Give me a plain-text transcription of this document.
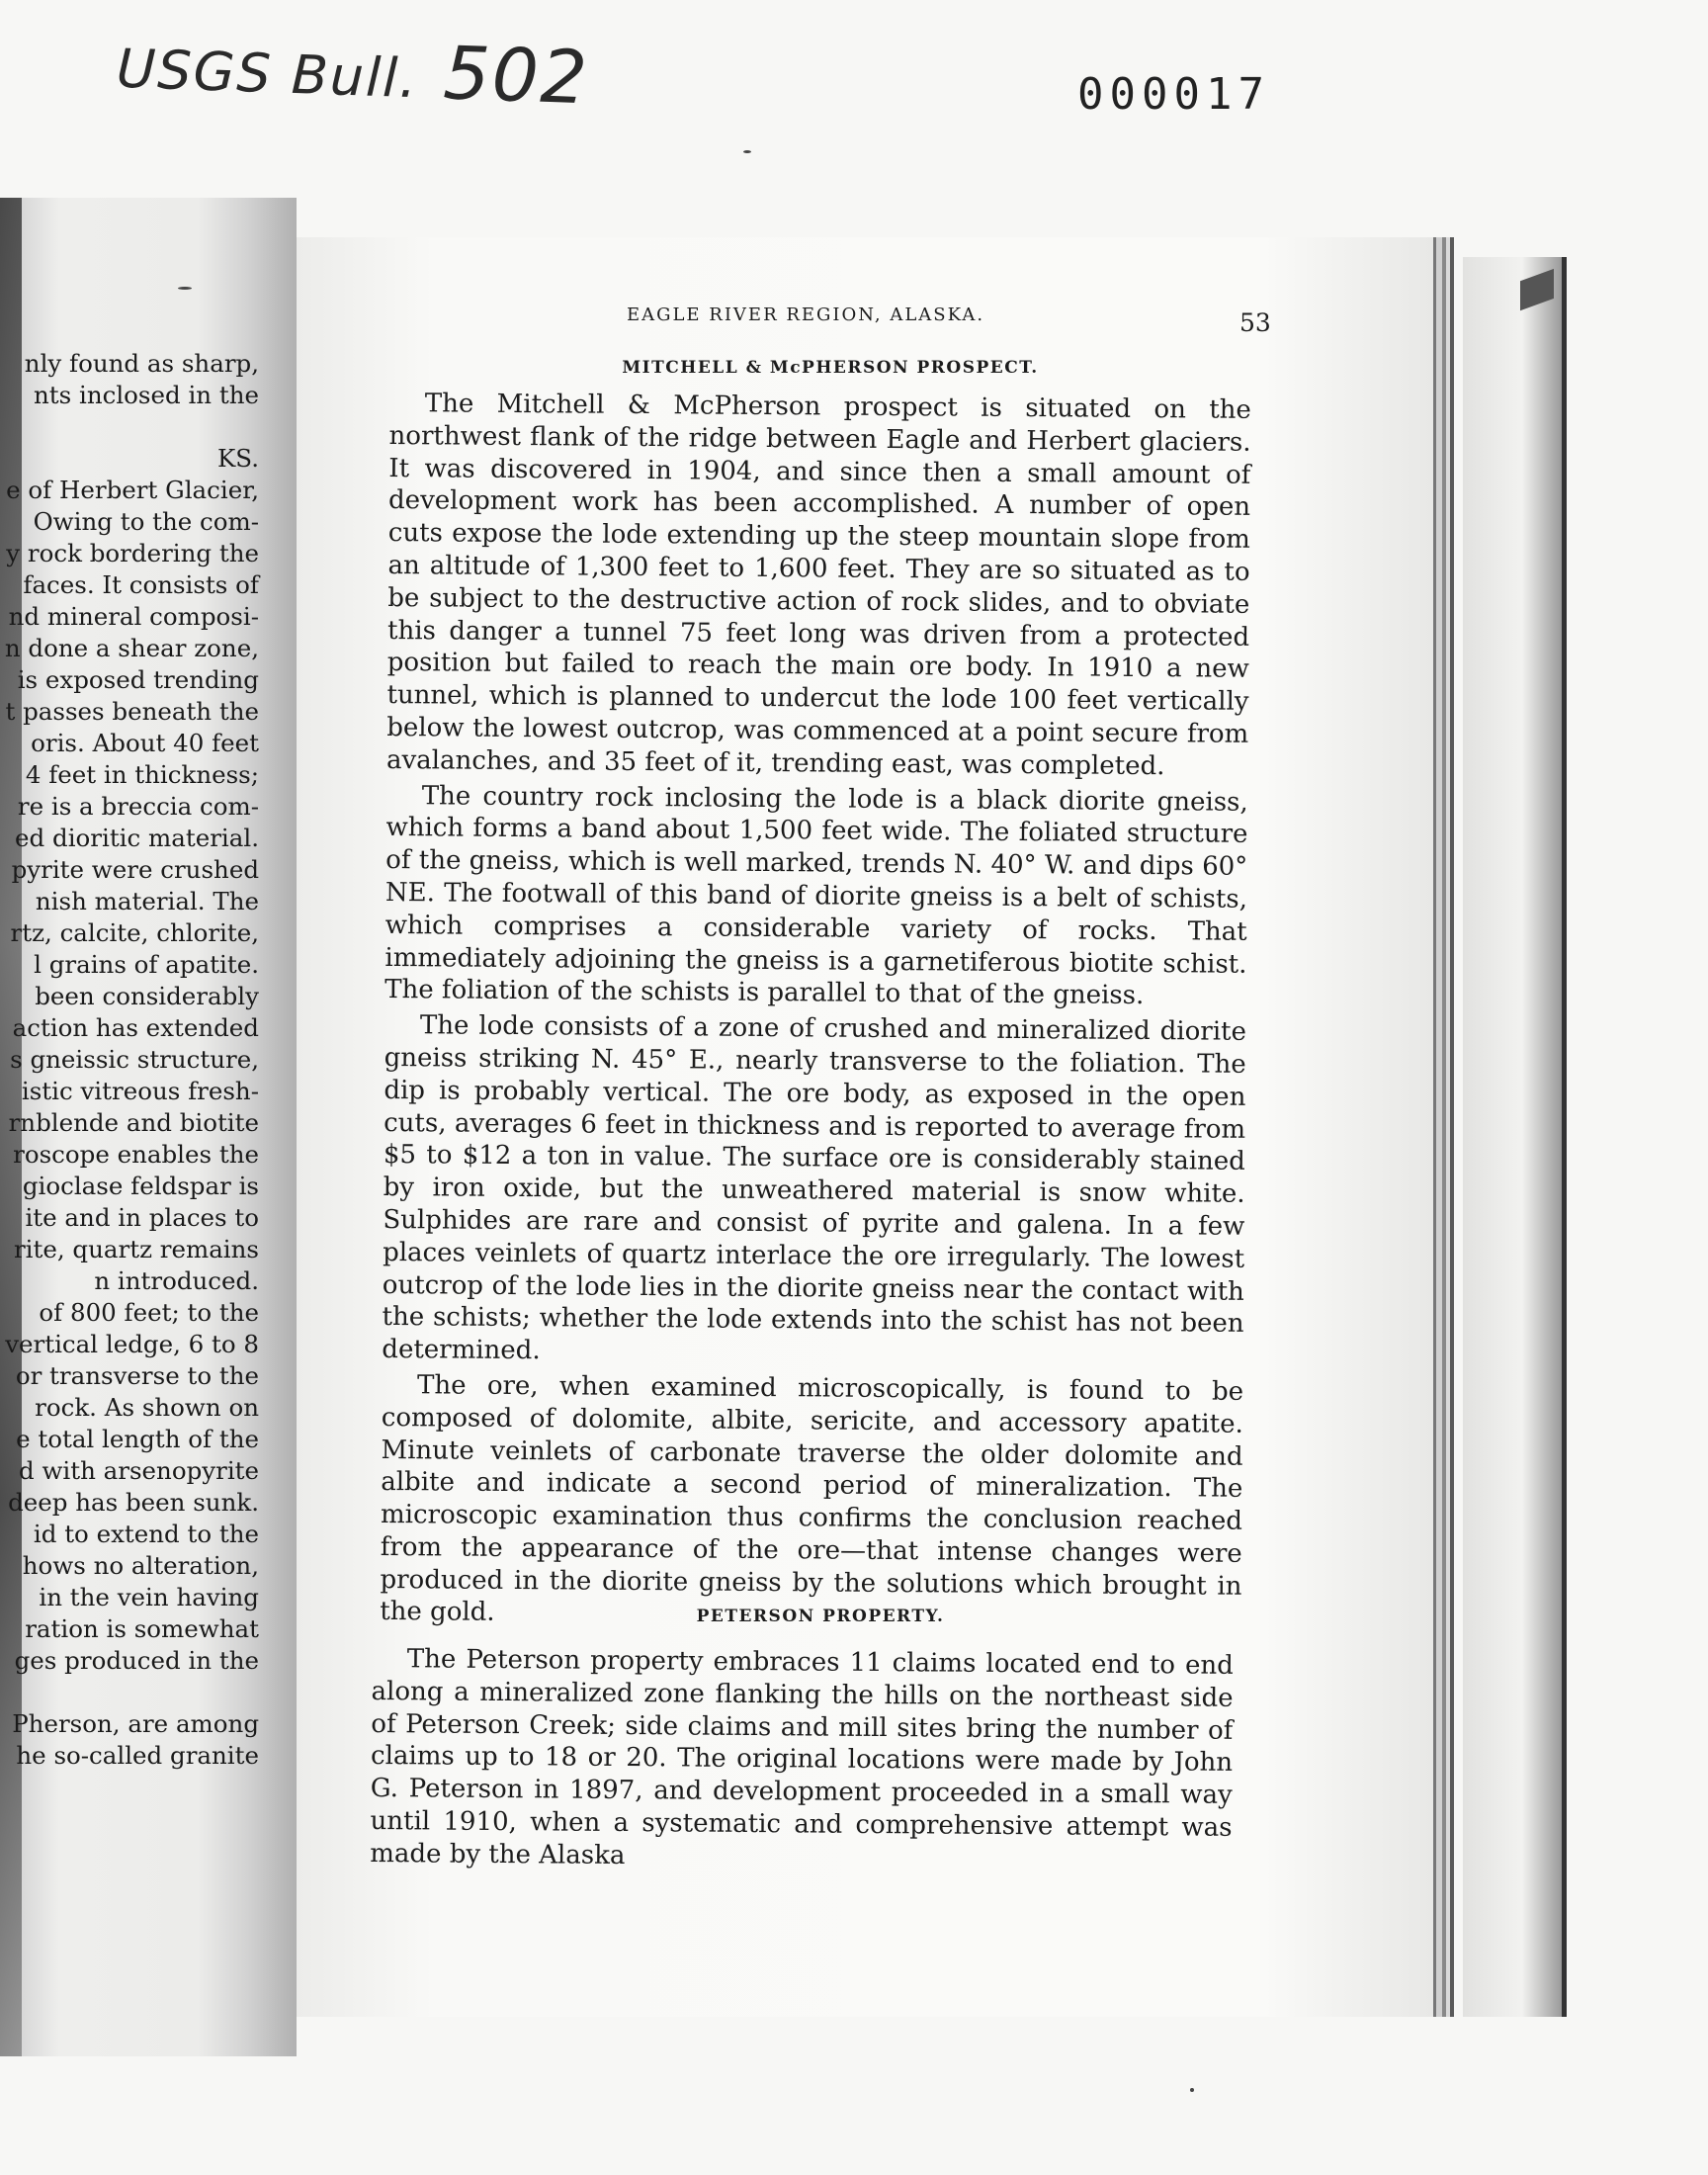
USGS Bull. 502	000017
nly found as sharp,
nts inclosed in the
KS.
e of Herbert Glacier,
Owing to the com-
y rock bordering the
faces. It consists of
nd mineral composi-
n done a shear zone,
is exposed trending
t passes beneath the
oris. About 40 feet
4 feet in thickness;
re is a breccia com-
ed dioritic material.
pyrite were crushed
nish material. The
rtz, calcite, chlorite,
l grains of apatite.
been considerably
action has extended
s gneissic structure,
istic vitreous fresh-
rnblende and biotite
roscope enables the
gioclase feldspar is
ite and in places to
rite, quartz remains
n introduced.
of 800 feet; to the
vertical ledge, 6 to 8
or transverse to the
rock. As shown on
e total length of the
d with arsenopyrite
deep has been sunk.
id to extend to the
hows no alteration,
in the vein having
ration is somewhat
ges produced in the
Pherson, are among
he so-called granite
EAGLE RIVER REGION, ALASKA.	53
MITCHELL & McPHERSON PROSPECT.

The Mitchell & McPherson prospect is situated on the northwest flank of the ridge between Eagle and Herbert glaciers. It was discovered in 1904, and since then a small amount of development work has been accomplished. A number of open cuts expose the lode extending up the steep mountain slope from an altitude of 1,300 feet to 1,600 feet. They are so situated as to be subject to the destructive action of rock slides, and to obviate this danger a tunnel 75 feet long was driven from a protected position but failed to reach the main ore body. In 1910 a new tunnel, which is planned to undercut the lode 100 feet vertically below the lowest outcrop, was commenced at a point secure from avalanches, and 35 feet of it, trending east, was completed.

The country rock inclosing the lode is a black diorite gneiss, which forms a band about 1,500 feet wide. The foliated structure of the gneiss, which is well marked, trends N. 40° W. and dips 60° NE. The footwall of this band of diorite gneiss is a belt of schists, which comprises a considerable variety of rocks. That immediately adjoining the gneiss is a garnetiferous biotite schist. The foliation of the schists is parallel to that of the gneiss.

The lode consists of a zone of crushed and mineralized diorite gneiss striking N. 45° E., nearly transverse to the foliation. The dip is probably vertical. The ore body, as exposed in the open cuts, averages 6 feet in thickness and is reported to average from $5 to $12 a ton in value. The surface ore is considerably stained by iron oxide, but the unweathered material is snow white. Sulphides are rare and consist of pyrite and galena. In a few places veinlets of quartz interlace the ore irregularly. The lowest outcrop of the lode lies in the diorite gneiss near the contact with the schists; whether the lode extends into the schist has not been determined.

The ore, when examined microscopically, is found to be composed of dolomite, albite, sericite, and accessory apatite. Minute veinlets of carbonate traverse the older dolomite and albite and indicate a second period of mineralization. The microscopic examination thus confirms the conclusion reached from the appearance of the ore—that intense changes were produced in the diorite gneiss by the solutions which brought in the gold.	PETERSON PROPERTY.

The Peterson property embraces 11 claims located end to end along a mineralized zone flanking the hills on the northeast side of Peterson Creek; side claims and mill sites bring the number of claims up to 18 or 20. The original locations were made by John G. Peterson in 1897, and development proceeded in a small way until 1910, when a systematic and comprehensive attempt was made by the Alaska
